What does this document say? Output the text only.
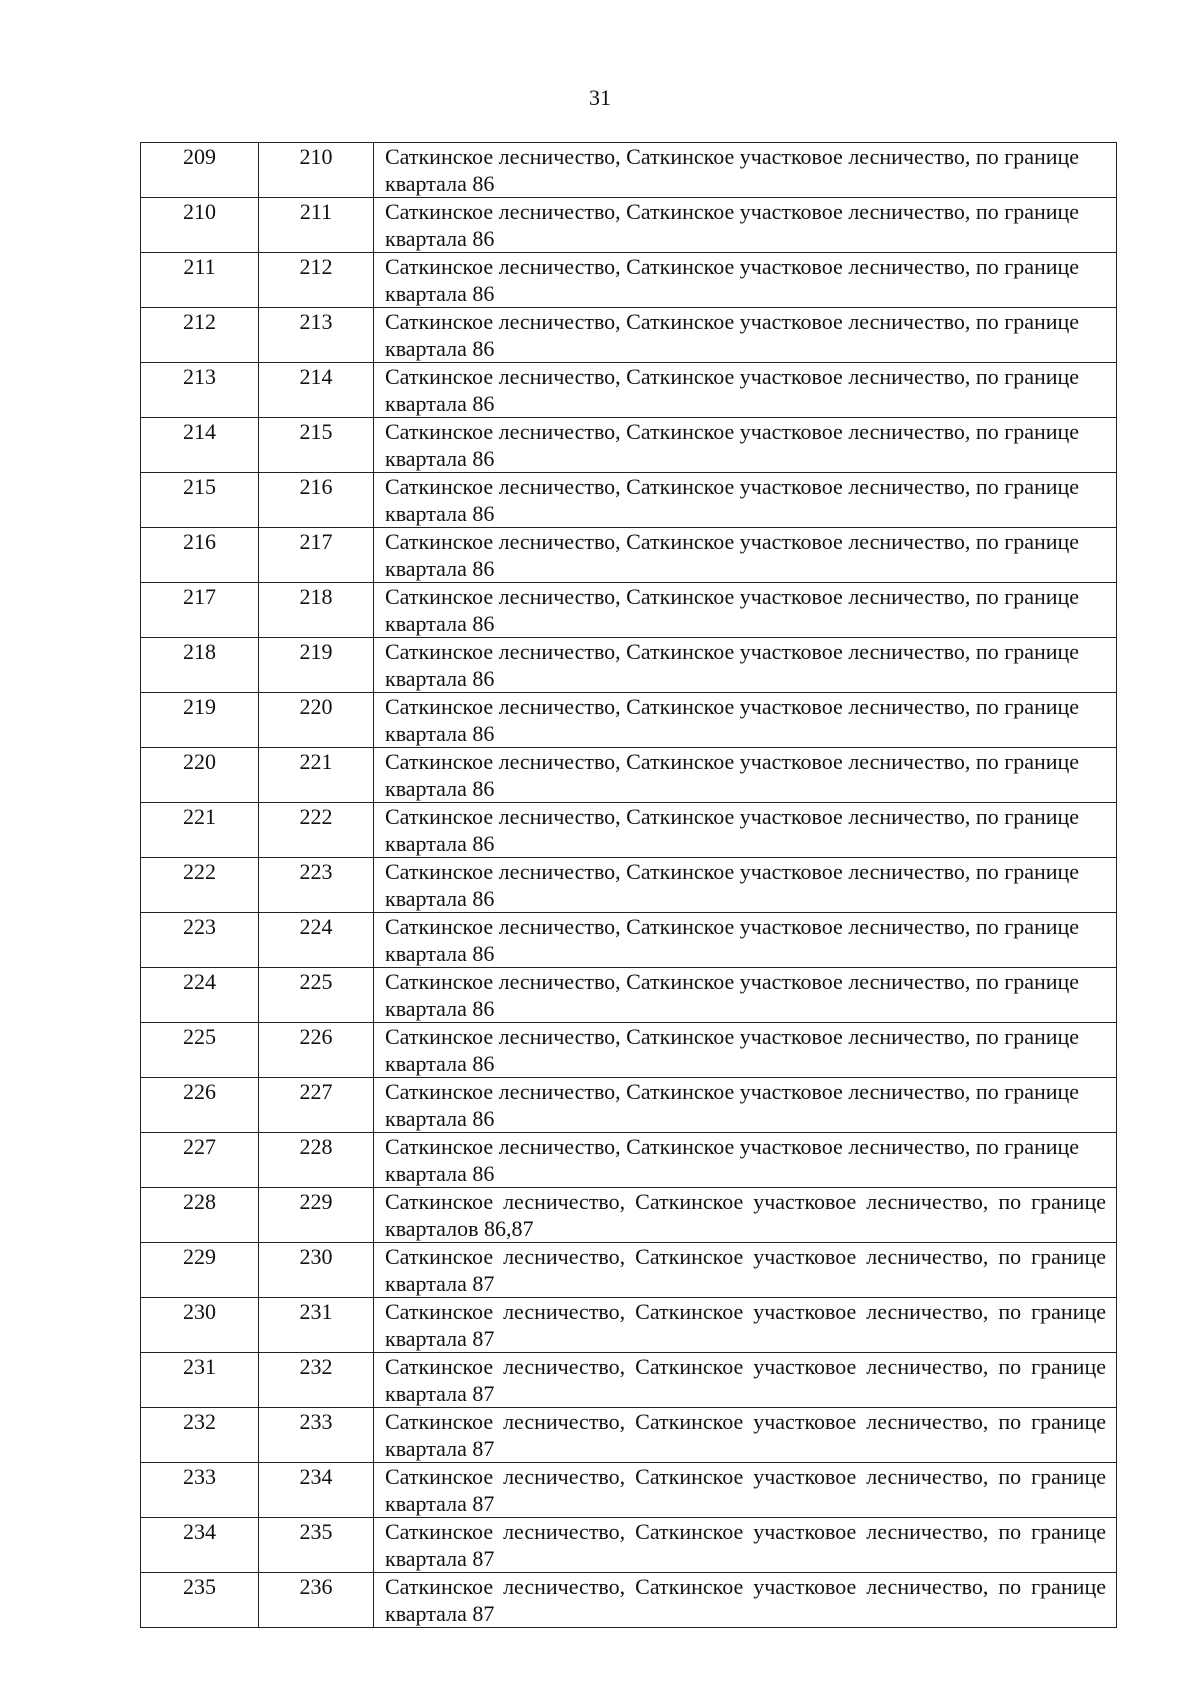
31
209	210	Саткинское лесничество, Саткинское участковое лесничество, по границе квартала 86

210	211	Саткинское лесничество, Саткинское участковое лесничество, по границе квартала 86

211	212	Саткинское лесничество, Саткинское участковое лесничество, по границе квартала 86

212	213	Саткинское лесничество, Саткинское участковое лесничество, по границе квартала 86

213	214	Саткинское лесничество, Саткинское участковое лесничество, по границе квартала 86

214	215	Саткинское лесничество, Саткинское участковое лесничество, по границе квартала 86

215	216	Саткинское лесничество, Саткинское участковое лесничество, по границе квартала 86

216	217	Саткинское лесничество, Саткинское участковое лесничество, по границе квартала 86

217	218	Саткинское лесничество, Саткинское участковое лесничество, по границе квартала 86

218	219	Саткинское лесничество, Саткинское участковое лесничество, по границе квартала 86

219	220	Саткинское лесничество, Саткинское участковое лесничество, по границе квартала 86

220	221	Саткинское лесничество, Саткинское участковое лесничество, по границе квартала 86

221	222	Саткинское лесничество, Саткинское участковое лесничество, по границе квартала 86

222	223	Саткинское лесничество, Саткинское участковое лесничество, по границе квартала 86

223	224	Саткинское лесничество, Саткинское участковое лесничество, по границе квартала 86

224	225	Саткинское лесничество, Саткинское участковое лесничество, по границе квартала 86

225	226	Саткинское лесничество, Саткинское участковое лесничество, по границе квартала 86

226	227	Саткинское лесничество, Саткинское участковое лесничество, по границе квартала 86

227	228	Саткинское лесничество, Саткинское участковое лесничество, по границе квартала 86

228	229	Саткинское лесничество, Саткинское участковое лесничество, по границе кварталов 86,87

229	230	Саткинское лесничество, Саткинское участковое лесничество, по границе квартала 87

230	231	Саткинское лесничество, Саткинское участковое лесничество, по границе квартала 87

231	232	Саткинское лесничество, Саткинское участковое лесничество, по границе квартала 87

232	233	Саткинское лесничество, Саткинское участковое лесничество, по границе квартала 87

233	234	Саткинское лесничество, Саткинское участковое лесничество, по границе квартала 87

234	235	Саткинское лесничество, Саткинское участковое лесничество, по границе квартала 87

235	236	Саткинское лесничество, Саткинское участковое лесничество, по границе квартала 87
